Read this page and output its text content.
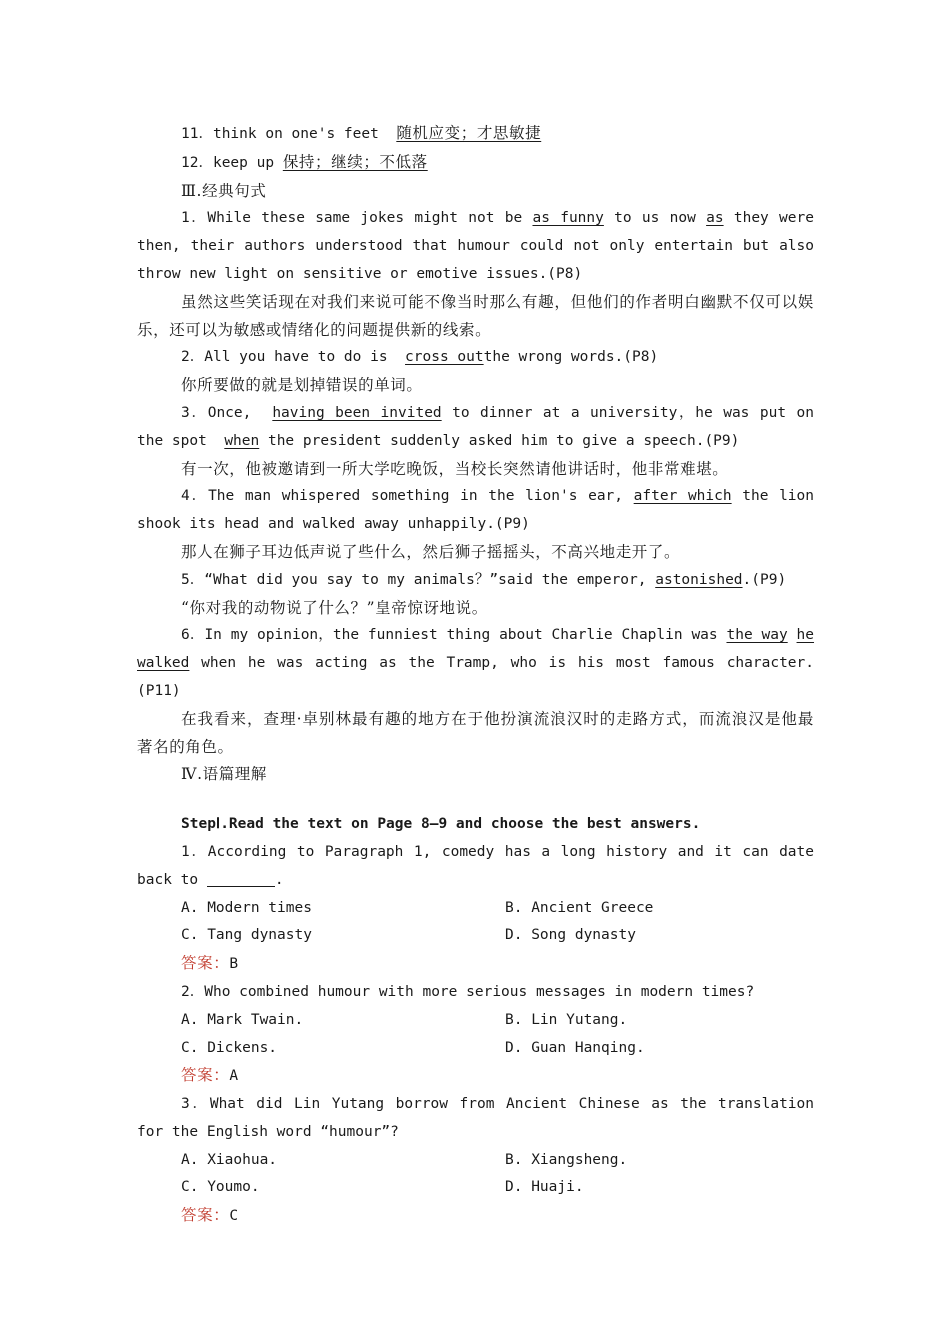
11．think on one's feet 随机应变；才思敏捷

12．keep up 保持；继续；不低落

Ⅲ.经典句式

1．While these same jokes might not be as funny to us now as they were then, their authors understood that humour could not only entertain but also throw new light on sensitive or emotive issues.(P8)

虽然这些笑话现在对我们来说可能不像当时那么有趣，但他们的作者明白幽默不仅可以娱乐，还可以为敏感或情绪化的问题提供新的线索。

2．All you have to do is  cross outthe wrong words.(P8)

你所要做的就是划掉错误的单词。

3．Once,  having been invited to dinner at a university，he was put on the spot  when the president suddenly asked him to give a speech.(P9)

有一次，他被邀请到一所大学吃晚饭，当校长突然请他讲话时，他非常难堪。

4．The man whispered something in the lion's ear, after which the lion shook its head and walked away unhappily.(P9)

那人在狮子耳边低声说了些什么，然后狮子摇摇头，不高兴地走开了。

5．“What did you say to my animals？”said the emperor, astonished.(P9)

“你对我的动物说了什么？”皇帝惊讶地说。

6．In my opinion，the funniest thing about Charlie Chaplin was the way he walked when he was acting as the Tramp, who is his most famous character.(P11)

在我看来，查理·卓别林最有趣的地方在于他扮演流浪汉时的走路方式，而流浪汉是他最著名的角色。

Ⅳ.语篇理解

StepⅠ.Read the text on Page 8—9 and choose the best answers.

1．According to Paragraph 1, comedy has a long history and it can date back to	.

A. Modern times	B. Ancient Greece
C. Tang dynasty	D. Song dynasty

答案：B

2．Who combined humour with more serious messages in modern times?

A. Mark Twain.	B. Lin Yutang.
C. Dickens.	D. Guan Hanqing.

答案：A

3．What did Lin Yutang borrow from Ancient Chinese as the translation for the English word “humour”?

A. Xiaohua.	B. Xiangsheng.
C. Youmo.	D. Huaji.

答案：C
